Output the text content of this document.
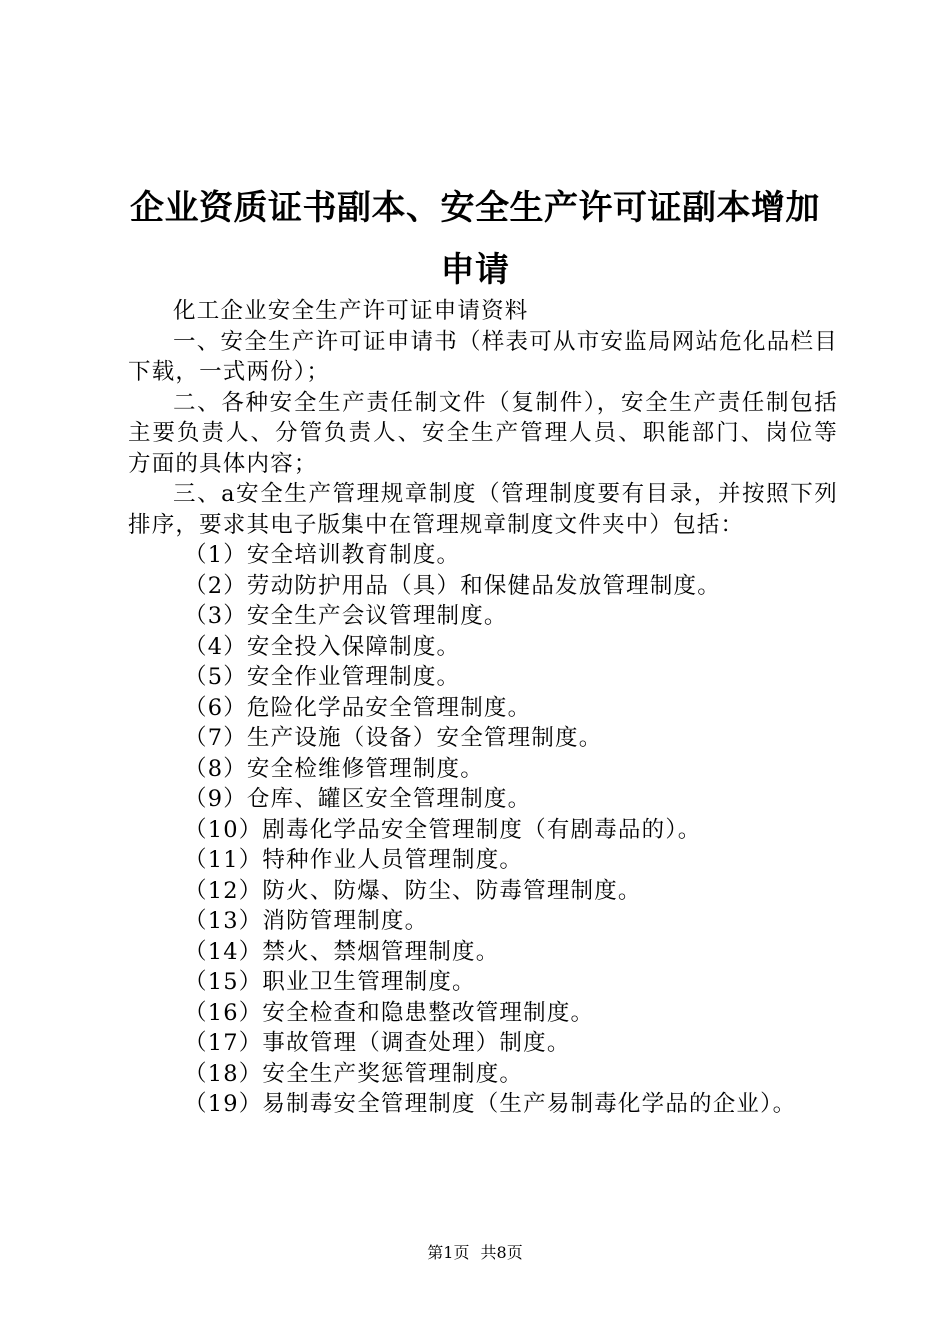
企业资质证书副本、安全生产许可证副本增加
申请

化工企业安全生产许可证申请资料

一、安全生产许可证申请书（样表可从市安监局网站危化品栏目下载，一式两份）；

二、各种安全生产责任制文件（复制件），安全生产责任制包括主要负责人、分管负责人、安全生产管理人员、职能部门、岗位等方面的具体内容；

三、a安全生产管理规章制度（管理制度要有目录，并按照下列排序，要求其电子版集中在管理规章制度文件夹中）包括：

（1）安全培训教育制度。

（2）劳动防护用品（具）和保健品发放管理制度。

（3）安全生产会议管理制度。

（4）安全投入保障制度。

（5）安全作业管理制度。

（6）危险化学品安全管理制度。

（7）生产设施（设备）安全管理制度。

（8）安全检维修管理制度。

（9）仓库、罐区安全管理制度。

（10）剧毒化学品安全管理制度（有剧毒品的）。

（11）特种作业人员管理制度。

（12）防火、防爆、防尘、防毒管理制度。

（13）消防管理制度。

（14）禁火、禁烟管理制度。

（15）职业卫生管理制度。

（16）安全检查和隐患整改管理制度。

（17）事故管理（调查处理）制度。

（18）安全生产奖惩管理制度。

（19）易制毒安全管理制度（生产易制毒化学品的企业）。

第1页 共8页
